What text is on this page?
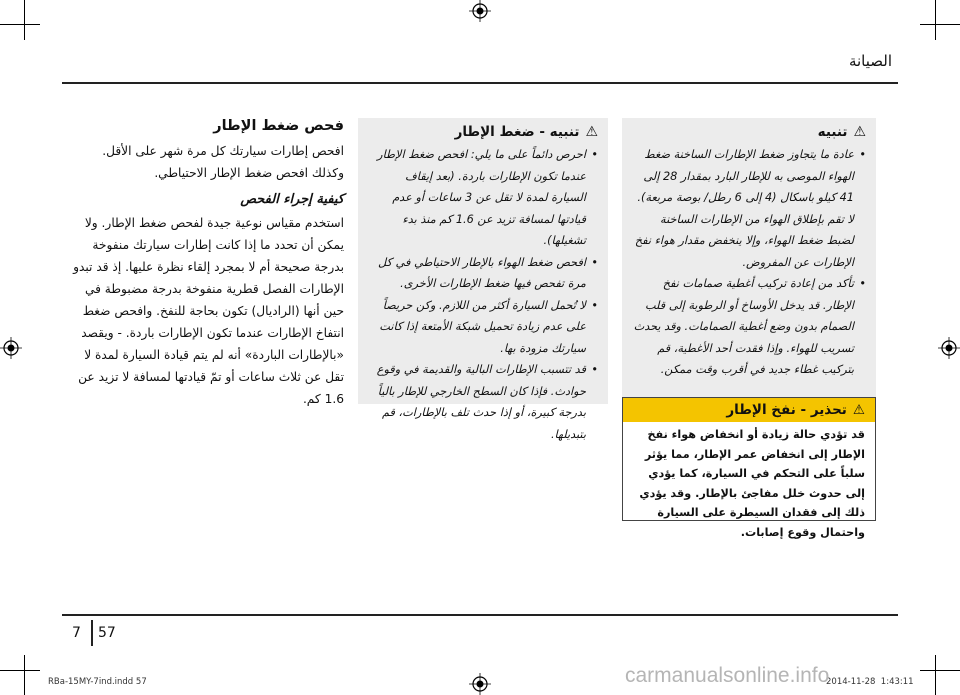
الصيانة
فحص ضغط الإطار

افحص إطارات سيارتك كل مرة شهر على الأقل. وكذلك افحص ضغط الإطار الاحتياطي.

كيفية إجراء الفحص

استخدم مقياس نوعية جيدة لفحص ضغط الإطار. ولا يمكن أن تحدد ما إذا كانت إطارات سيارتك منفوخة بدرجة صحيحة أم لا بمجرد إلقاء نظرة عليها. إذ قد تبدو الإطارات الفصل قطرية منفوخة بدرجة مضبوطة في حين أنها (الراديال) تكون بحاجة للنفخ. وافحص ضغط انتفاخ الإطارات عندما تكون الإطارات باردة. - ويقصد «بالإطارات الباردة» أنه لم يتم قيادة السيارة لمدة لا تقل عن ثلاث ساعات أو تمّ قيادتها لمسافة لا تزيد عن 1.6 كم.

⚠
تنبيه - ضغط الإطار
• احرص دائماً على ما يلي: افحص ضغط الإطار عندما تكون الإطارات باردة. (بعد إيقاف السيارة لمدة لا تقل عن 3 ساعات أو عدم قيادتها لمسافة تزيد عن 1.6 كم منذ بدء تشغيلها).
• افحص ضغط الهواء بالإطار الاحتياطي في كل مرة تفحص فيها ضغط الإطارات الأخرى.
• لا تُحمل السيارة أكثر من اللازم. وكن حريصاً على عدم زيادة تحميل شبكة الأمتعة إذا كانت سيارتك مزودة بها.
• قد تتسبب الإطارات البالية والقديمة في وقوع حوادث. فإذا كان السطح الخارجي للإطار بالياً بدرجة كبيرة، أو إذا حدث تلف بالإطارات، قم بتبديلها.
⚠
تنبيه
• عادة ما يتجاوز ضغط الإطارات الساخنة ضغط الهواء الموصى به للإطار البارد بمقدار 28 إلى 41 كيلو باسكال (4 إلى 6 رطل/ بوصة مربعة). لا تقم بإطلاق الهواء من الإطارات الساخنة لضبط ضغط الهواء، وإلا ينخفض مقدار هواء نفخ الإطارات عن المفروض.
• تأكد من إعادة تركيب أغطية صمامات نفخ الإطار. قد يدخل الأوساخ أو الرطوبة إلى قلب الصمام بدون وضع أغطية الصمامات. وقد يحدث تسريب للهواء. وإذا فقدت أحد الأغطية، قم بتركيب غطاء جديد في أقرب وقت ممكن.
⚠
تحذير - نفخ الإطار
قد تؤدي حالة زيادة أو انخفاض هواء نفخ الإطار إلى انخفاض عمر الإطار، مما يؤثر سلباً على التحكم في السيارة، كما يؤدي إلى حدوث خلل مفاجئ بالإطار. وقد يؤدي ذلك إلى فقدان السيطرة على السيارة واحتمال وقوع إصابات.
7 57
RBa-15MY-7ind.indd 57	2014-11-28 ￼ 1:43:11
carmanualsonline.info
